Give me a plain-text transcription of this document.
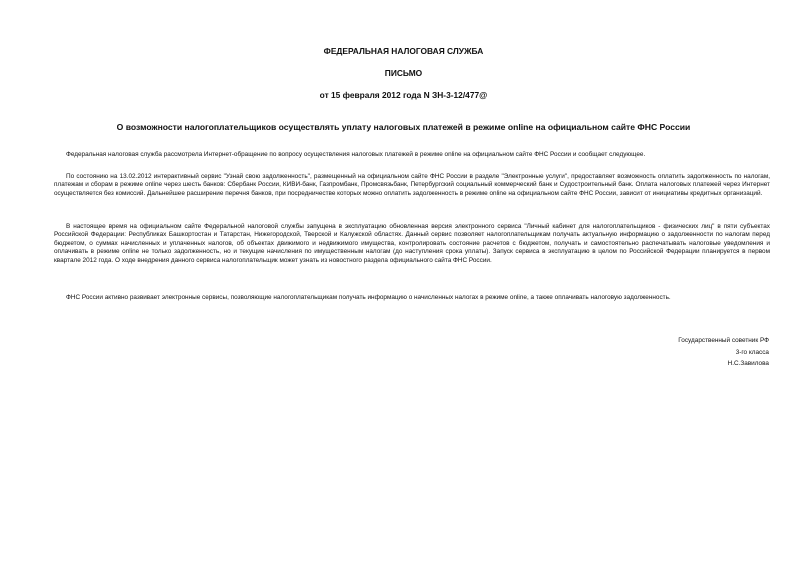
ФЕДЕРАЛЬНАЯ НАЛОГОВАЯ СЛУЖБА
ПИСЬМО
от 15 февраля 2012 года N ЗН-3-12/477@
О возможности налогоплательщиков осуществлять уплату налоговых платежей в режиме online на официальном сайте ФНС России

Федеральная налоговая служба рассмотрела Интернет-обращение по вопросу осуществления налоговых платежей в режиме online на официальном сайте ФНС России и сообщает следующее.

По состоянию на 13.02.2012 интерактивный сервис "Узнай свою задолженность", размещенный на официальном сайте ФНС России в разделе "Электронные услуги", предоставляет возможность оплатить задолженность по налогам, платежам и сборам в режиме online через шесть банков: Сбербанк России, КИВИ-банк, Газпромбанк, Промсвязьбанк, Петербургский социальный коммерческий банк и Судостроительный банк. Оплата налоговых платежей через Интернет осуществляется без комиссий. Дальнейшее расширение перечня банков, при посредничестве которых можно оплатить задолженность в режиме online на официальном сайте ФНС России, зависит от инициативы кредитных организаций.

В настоящее время на официальном сайте Федеральной налоговой службы запущена в эксплуатацию обновленная версия электронного сервиса "Личный кабинет для налогоплательщиков - физических лиц" в пяти субъектах Российской Федерации: Республиках Башкортостан и Татарстан, Нижегородской, Тверской и Калужской областях. Данный сервис позволяет налогоплательщикам получать актуальную информацию о задолженности по налогам перед бюджетом, о суммах начисленных и уплаченных налогов, об объектах движимого и недвижимого имущества, контролировать состояние расчетов с бюджетом, получать и самостоятельно распечатывать налоговые уведомления и оплачивать в режиме online не только задолженность, но и текущие начисления по имущественным налогам (до наступления срока уплаты). Запуск сервиса в эксплуатацию в целом по Российской Федерации планируется в первом квартале 2012 года. О ходе внедрения данного сервиса налогоплательщик может узнать из новостного раздела официального сайта ФНС России.

ФНС России активно развивает электронные сервисы, позволяющие налогоплательщикам получать информацию о начисленных налогах в режиме online, а также оплачивать налоговую задолженность.

Государственный советник РФ
3-го класса
Н.С.Завилова
